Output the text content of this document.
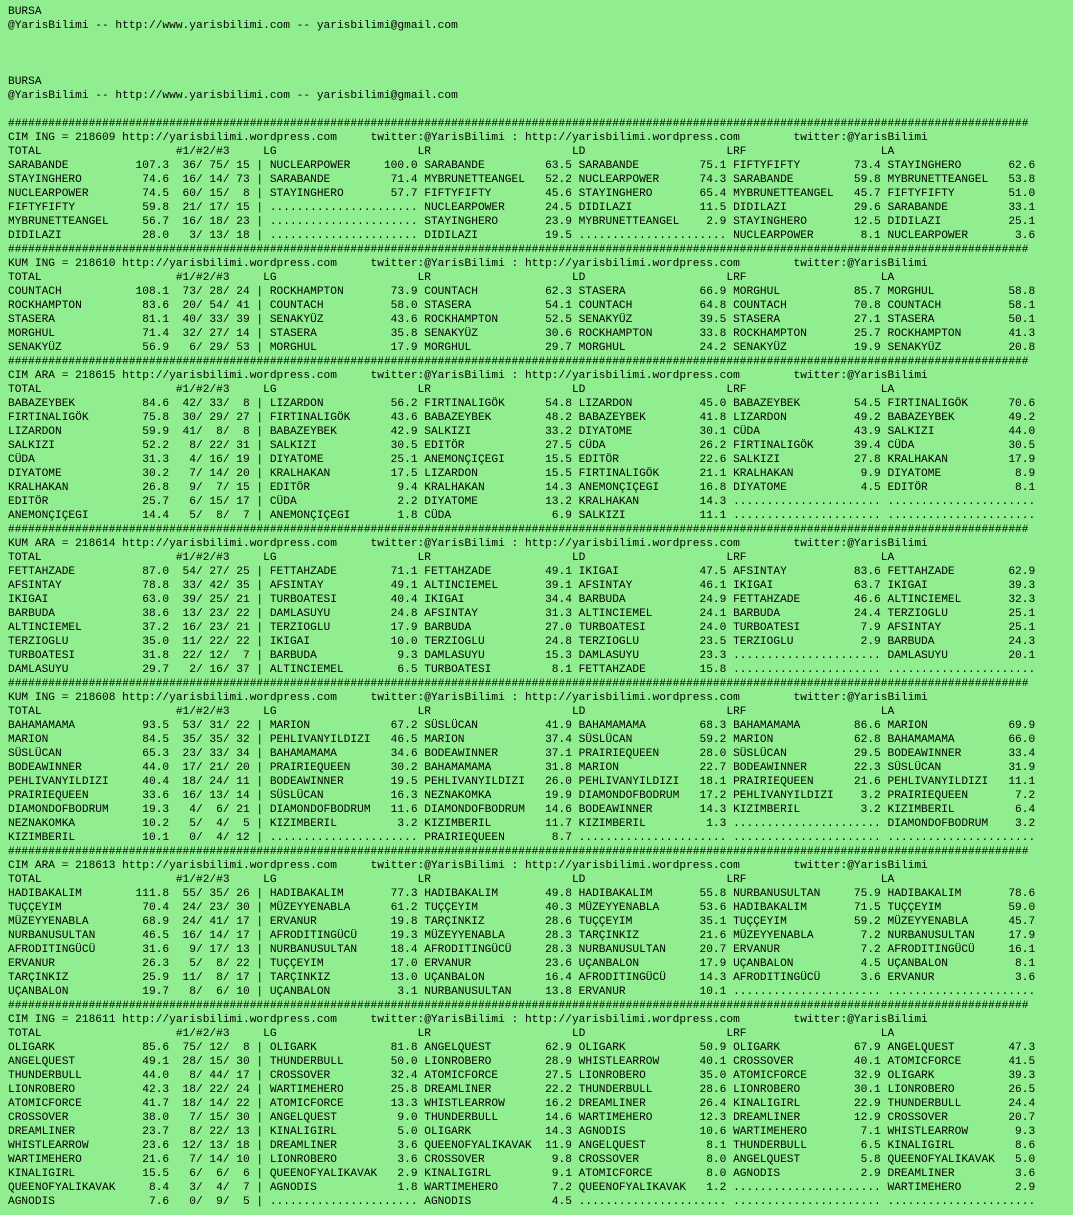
BURSA
@YarisBilimi -- http://www.yarisbilimi.com -- yarisbilimi@gmail.com
BURSA
@YarisBilimi -- http://www.yarisbilimi.com -- yarisbilimi@gmail.com
########################################################################################################################################################
CIM ING = 218609 http://yarisbilimi.wordpress.com     twitter:@YarisBilimi : http://yarisbilimi.wordpress.com        twitter:@YarisBilimi
TOTAL                    #1/#2/#3     LG                     LR                     LD                     LRF                    LA
SARABANDE          107.3  36/ 75/ 15 | NUCLEARPOWER     100.0 SARABANDE         63.5 SARABANDE         75.1 FIFTYFIFTY        73.4 STAYINGHERO       62.6
STAYINGHERO         74.6  16/ 14/ 73 | SARABANDE         71.4 MYBRUNETTEANGEL   52.2 NUCLEARPOWER      74.3 SARABANDE         59.8 MYBRUNETTEANGEL   53.8
NUCLEARPOWER        74.5  60/ 15/  8 | STAYINGHERO       57.7 FIFTYFIFTY        45.6 STAYINGHERO       65.4 MYBRUNETTEANGEL   45.7 FIFTYFIFTY        51.0
FIFTYFIFTY          59.8  21/ 17/ 15 | ...................... NUCLEARPOWER      24.5 DIDILAZI          11.5 DIDILAZI          29.6 SARABANDE         33.1
MYBRUNETTEANGEL     56.7  16/ 18/ 23 | ...................... STAYINGHERO       23.9 MYBRUNETTEANGEL    2.9 STAYINGHERO       12.5 DIDILAZI          25.1
DIDILAZI            28.0   3/ 13/ 18 | ...................... DIDILAZI          19.5 ...................... NUCLEARPOWER       8.1 NUCLEARPOWER       3.6
########################################################################################################################################################
KUM ING = 218610 http://yarisbilimi.wordpress.com     twitter:@YarisBilimi : http://yarisbilimi.wordpress.com        twitter:@YarisBilimi
TOTAL                    #1/#2/#3     LG                     LR                     LD                     LRF                    LA
COUNTACH           108.1  73/ 28/ 24 | ROCKHAMPTON       73.9 COUNTACH          62.3 STASERA           66.9 MORGHUL           85.7 MORGHUL           58.8
ROCKHAMPTON         83.6  20/ 54/ 41 | COUNTACH          58.0 STASERA           54.1 COUNTACH          64.8 COUNTACH          70.8 COUNTACH          58.1
STASERA             81.1  40/ 33/ 39 | SENAKYÜZ          43.6 ROCKHAMPTON       52.5 SENAKYÜZ          39.5 STASERA           27.1 STASERA           50.1
MORGHUL             71.4  32/ 27/ 14 | STASERA           35.8 SENAKYÜZ          30.6 ROCKHAMPTON       33.8 ROCKHAMPTON       25.7 ROCKHAMPTON       41.3
SENAKYÜZ            56.9   6/ 29/ 53 | MORGHUL           17.9 MORGHUL           29.7 MORGHUL           24.2 SENAKYÜZ          19.9 SENAKYÜZ          20.8
########################################################################################################################################################
CIM ARA = 218615 http://yarisbilimi.wordpress.com     twitter:@YarisBilimi : http://yarisbilimi.wordpress.com        twitter:@YarisBilimi
TOTAL                    #1/#2/#3     LG                     LR                     LD                     LRF                    LA
BABAZEYBEK          84.6  42/ 33/  8 | LIZARDON          56.2 FIRTINALIGÖK      54.8 LIZARDON          45.0 BABAZEYBEK        54.5 FIRTINALIGÖK      70.6
FIRTINALIGÖK        75.8  30/ 29/ 27 | FIRTINALIGÖK      43.6 BABAZEYBEK        48.2 BABAZEYBEK        41.8 LIZARDON          49.2 BABAZEYBEK        49.2
LIZARDON            59.9  41/  8/  8 | BABAZEYBEK        42.9 SALKIZI           33.2 DIYATOME          30.1 CÜDA              43.9 SALKIZI           44.0
SALKIZI             52.2   8/ 22/ 31 | SALKIZI           30.5 EDITÖR            27.5 CÜDA              26.2 FIRTINALIGÖK      39.4 CÜDA              30.5
CÜDA                31.3   4/ 16/ 19 | DIYATOME          25.1 ANEMONÇIÇEGI      15.5 EDITÖR            22.6 SALKIZI           27.8 KRALHAKAN         17.9
DIYATOME            30.2   7/ 14/ 20 | KRALHAKAN         17.5 LIZARDON          15.5 FIRTINALIGÖK      21.1 KRALHAKAN          9.9 DIYATOME           8.9
KRALHAKAN           26.8   9/  7/ 15 | EDITÖR             9.4 KRALHAKAN         14.3 ANEMONÇIÇEGI      16.8 DIYATOME           4.5 EDITÖR             8.1
EDITÖR              25.7   6/ 15/ 17 | CÜDA               2.2 DIYATOME          13.2 KRALHAKAN         14.3 ...................... ......................
ANEMONÇIÇEGI        14.4   5/  8/  7 | ANEMONÇIÇEGI       1.8 CÜDA               6.9 SALKIZI           11.1 ...................... ......................
########################################################################################################################################################
KUM ARA = 218614 http://yarisbilimi.wordpress.com     twitter:@YarisBilimi : http://yarisbilimi.wordpress.com        twitter:@YarisBilimi
TOTAL                    #1/#2/#3     LG                     LR                     LD                     LRF                    LA
FETTAHZADE          87.0  54/ 27/ 25 | FETTAHZADE        71.1 FETTAHZADE        49.1 IKIGAI            47.5 AFSINTAY          83.6 FETTAHZADE        62.9
AFSINTAY            78.8  33/ 42/ 35 | AFSINTAY          49.1 ALTINCIEMEL       39.1 AFSINTAY          46.1 IKIGAI            63.7 IKIGAI            39.3
IKIGAI              63.0  39/ 25/ 21 | TURBOATESI        40.4 IKIGAI            34.4 BARBUDA           24.9 FETTAHZADE        46.6 ALTINCIEMEL       32.3
BARBUDA             38.6  13/ 23/ 22 | DAMLASUYU         24.8 AFSINTAY          31.3 ALTINCIEMEL       24.1 BARBUDA           24.4 TERZIOGLU         25.1
ALTINCIEMEL         37.2  16/ 23/ 21 | TERZIOGLU         17.9 BARBUDA           27.0 TURBOATESI        24.0 TURBOATESI         7.9 AFSINTAY          25.1
TERZIOGLU           35.0  11/ 22/ 22 | IKIGAI            10.0 TERZIOGLU         24.8 TERZIOGLU         23.5 TERZIOGLU          2.9 BARBUDA           24.3
TURBOATESI          31.8  22/ 12/  7 | BARBUDA            9.3 DAMLASUYU         15.3 DAMLASUYU         23.3 ...................... DAMLASUYU         20.1
DAMLASUYU           29.7   2/ 16/ 37 | ALTINCIEMEL        6.5 TURBOATESI         8.1 FETTAHZADE        15.8 ...................... ......................
########################################################################################################################################################
KUM ING = 218608 http://yarisbilimi.wordpress.com     twitter:@YarisBilimi : http://yarisbilimi.wordpress.com        twitter:@YarisBilimi
TOTAL                    #1/#2/#3     LG                     LR                     LD                     LRF                    LA
BAHAMAMAMA          93.5  53/ 31/ 22 | MARION            67.2 SÜSLÜCAN          41.9 BAHAMAMAMA        68.3 BAHAMAMAMA        86.6 MARION            69.9
MARION              84.5  35/ 35/ 32 | PEHLIVANYILDIZI   46.5 MARION            37.4 SÜSLÜCAN          59.2 MARION            62.8 BAHAMAMAMA        66.0
SÜSLÜCAN            65.3  23/ 33/ 34 | BAHAMAMAMA        34.6 BODEAWINNER       37.1 PRAIRIEQUEEN      28.0 SÜSLÜCAN          29.5 BODEAWINNER       33.4
BODEAWINNER         44.0  17/ 21/ 20 | PRAIRIEQUEEN      30.2 BAHAMAMAMA        31.8 MARION            22.7 BODEAWINNER       22.3 SÜSLÜCAN          31.9
PEHLIVANYILDIZI     40.4  18/ 24/ 11 | BODEAWINNER       19.5 PEHLIVANYILDIZI   26.0 PEHLIVANYILDIZI   18.1 PRAIRIEQUEEN      21.6 PEHLIVANYILDIZI   11.1
PRAIRIEQUEEN        33.6  16/ 13/ 14 | SÜSLÜCAN          16.3 NEZNAKOMKA        19.9 DIAMONDOFBODRUM   17.2 PEHLIVANYILDIZI    3.2 PRAIRIEQUEEN       7.2
DIAMONDOFBODRUM     19.3   4/  6/ 21 | DIAMONDOFBODRUM   11.6 DIAMONDOFBODRUM   14.6 BODEAWINNER       14.3 KIZIMBERIL         3.2 KIZIMBERIL         6.4
NEZNAKOMKA          10.2   5/  4/  5 | KIZIMBERIL         3.2 KIZIMBERIL        11.7 KIZIMBERIL         1.3 ...................... DIAMONDOFBODRUM    3.2
KIZIMBERIL          10.1   0/  4/ 12 | ...................... PRAIRIEQUEEN       8.7 ...................... ...................... ......................
########################################################################################################################################################
CIM ARA = 218613 http://yarisbilimi.wordpress.com     twitter:@YarisBilimi : http://yarisbilimi.wordpress.com        twitter:@YarisBilimi
TOTAL                    #1/#2/#3     LG                     LR                     LD                     LRF                    LA
HADIBAKALIM        111.8  55/ 35/ 26 | HADIBAKALIM       77.3 HADIBAKALIM       49.8 HADIBAKALIM       55.8 NURBANUSULTAN     75.9 HADIBAKALIM       78.6
TUÇÇEYIM            70.4  24/ 23/ 30 | MÜZEYYENABLA      61.2 TUÇÇEYIM          40.3 MÜZEYYENABLA      53.6 HADIBAKALIM       71.5 TUÇÇEYIM          59.0
MÜZEYYENABLA        68.9  24/ 41/ 17 | ERVANUR           19.8 TARÇINKIZ         28.6 TUÇÇEYIM          35.1 TUÇÇEYIM          59.2 MÜZEYYENABLA      45.7
NURBANUSULTAN       46.5  16/ 14/ 17 | AFRODITINGÜCÜ     19.3 MÜZEYYENABLA      28.3 TARÇINKIZ         21.6 MÜZEYYENABLA       7.2 NURBANUSULTAN     17.9
AFRODITINGÜCÜ       31.6   9/ 17/ 13 | NURBANUSULTAN     18.4 AFRODITINGÜCÜ     28.3 NURBANUSULTAN     20.7 ERVANUR            7.2 AFRODITINGÜCÜ     16.1
ERVANUR             26.3   5/  8/ 22 | TUÇÇEYIM          17.0 ERVANUR           23.6 UÇANBALON         17.9 UÇANBALON          4.5 UÇANBALON          8.1
TARÇINKIZ           25.9  11/  8/ 17 | TARÇINKIZ         13.0 UÇANBALON         16.4 AFRODITINGÜCÜ     14.3 AFRODITINGÜCÜ      3.6 ERVANUR            3.6
UÇANBALON           19.7   8/  6/ 10 | UÇANBALON          3.1 NURBANUSULTAN     13.8 ERVANUR           10.1 ...................... ......................
########################################################################################################################################################
CIM ING = 218611 http://yarisbilimi.wordpress.com     twitter:@YarisBilimi : http://yarisbilimi.wordpress.com        twitter:@YarisBilimi
TOTAL                    #1/#2/#3     LG                     LR                     LD                     LRF                    LA
OLIGARK             85.6  75/ 12/  8 | OLIGARK           81.8 ANGELQUEST        62.9 OLIGARK           50.9 OLIGARK           67.9 ANGELQUEST        47.3
ANGELQUEST          49.1  28/ 15/ 30 | THUNDERBULL       50.0 LIONROBERO        28.9 WHISTLEARROW      40.1 CROSSOVER         40.1 ATOMICFORCE       41.5
THUNDERBULL         44.0   8/ 44/ 17 | CROSSOVER         32.4 ATOMICFORCE       27.5 LIONROBERO        35.0 ATOMICFORCE       32.9 OLIGARK           39.3
LIONROBERO          42.3  18/ 22/ 24 | WARTIMEHERO       25.8 DREAMLINER        22.2 THUNDERBULL       28.6 LIONROBERO        30.1 LIONROBERO        26.5
ATOMICFORCE         41.7  18/ 14/ 22 | ATOMICFORCE       13.3 WHISTLEARROW      16.2 DREAMLINER        26.4 KINALIGIRL        22.9 THUNDERBULL       24.4
CROSSOVER           38.0   7/ 15/ 30 | ANGELQUEST         9.0 THUNDERBULL       14.6 WARTIMEHERO       12.3 DREAMLINER        12.9 CROSSOVER         20.7
DREAMLINER          23.7   8/ 22/ 13 | KINALIGIRL         5.0 OLIGARK           14.3 AGNODIS           10.6 WARTIMEHERO        7.1 WHISTLEARROW       9.3
WHISTLEARROW        23.6  12/ 13/ 18 | DREAMLINER         3.6 QUEENOFYALIKAVAK  11.9 ANGELQUEST         8.1 THUNDERBULL        6.5 KINALIGIRL         8.6
WARTIMEHERO         21.6   7/ 14/ 10 | LIONROBERO         3.6 CROSSOVER          9.8 CROSSOVER          8.0 ANGELQUEST         5.8 QUEENOFYALIKAVAK   5.0
KINALIGIRL          15.5   6/  6/  6 | QUEENOFYALIKAVAK   2.9 KINALIGIRL         9.1 ATOMICFORCE        8.0 AGNODIS            2.9 DREAMLINER         3.6
QUEENOFYALIKAVAK     8.4   3/  4/  7 | AGNODIS            1.8 WARTIMEHERO        7.2 QUEENOFYALIKAVAK   1.2 ...................... WARTIMEHERO        2.9
AGNODIS              7.6   0/  9/  5 | ...................... AGNODIS            4.5 ...................... ...................... ......................
